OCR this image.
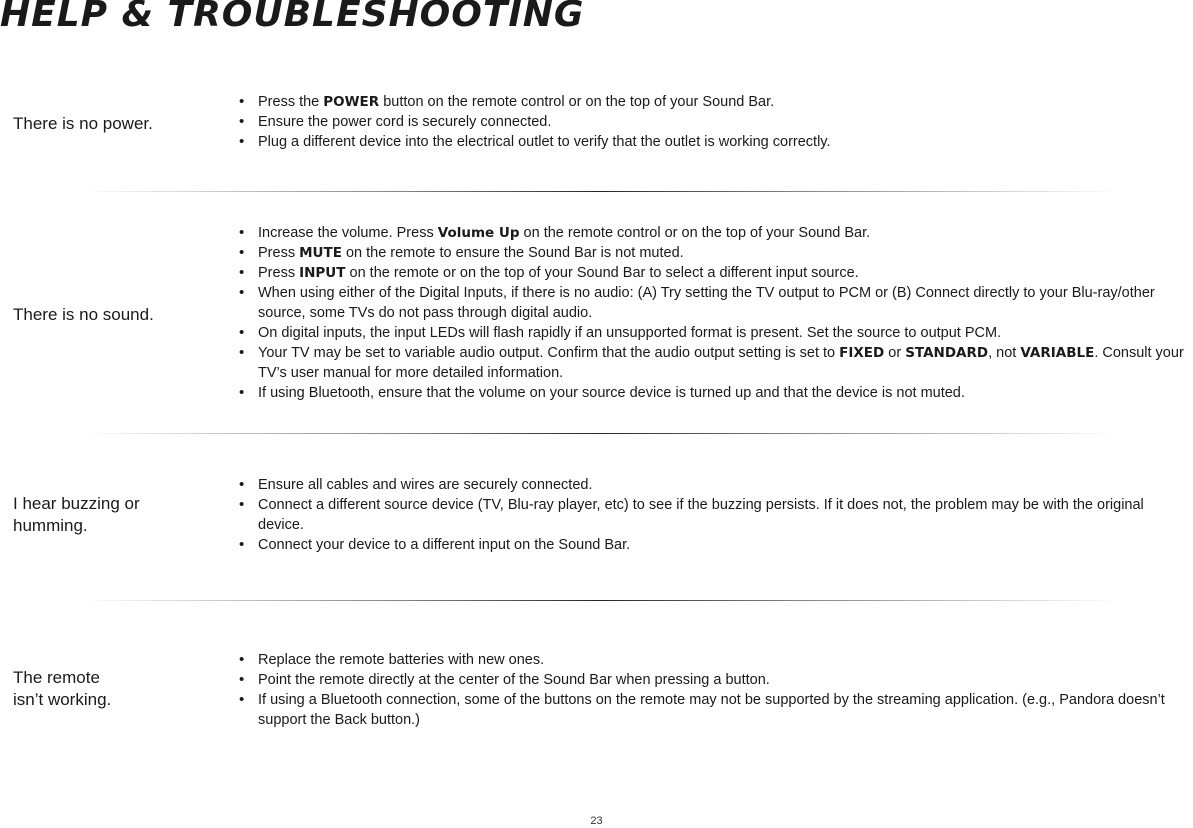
HELP & TROUBLESHOOTING
There is no power.
• Press the POWER button on the remote control or on the top of your Sound Bar.
• Ensure the power cord is securely connected.
• Plug a different device into the electrical outlet to verify that the outlet is working correctly.
There is no sound.
• Increase the volume. Press Volume Up on the remote control or on the top of your Sound Bar.
• Press MUTE on the remote to ensure the Sound Bar is not muted.
• Press INPUT on the remote or on the top of your Sound Bar to select a different input source.
• When using either of the Digital Inputs, if there is no audio: (A) Try setting the TV output to PCM or (B) Connect directly to your Blu-ray/other source, some TVs do not pass through digital audio.
• On digital inputs, the input LEDs will flash rapidly if an unsupported format is present. Set the source to output PCM.
• Your TV may be set to variable audio output. Confirm that the audio output setting is set to FIXED or STANDARD, not VARIABLE. Consult your TV’s user manual for more detailed information.
• If using Bluetooth, ensure that the volume on your source device is turned up and that the device is not muted.
I hear buzzing or humming.
• Ensure all cables and wires are securely connected.
• Connect a different source device (TV, Blu-ray player, etc) to see if the buzzing persists. If it does not, the problem may be with the original device.
• Connect your device to a different input on the Sound Bar.
The remote isn’t working.
• Replace the remote batteries with new ones.
• Point the remote directly at the center of the Sound Bar when pressing a button.
• If using a Bluetooth connection, some of the buttons on the remote may not be supported by the streaming application. (e.g., Pandora doesn’t support the Back button.)
23
